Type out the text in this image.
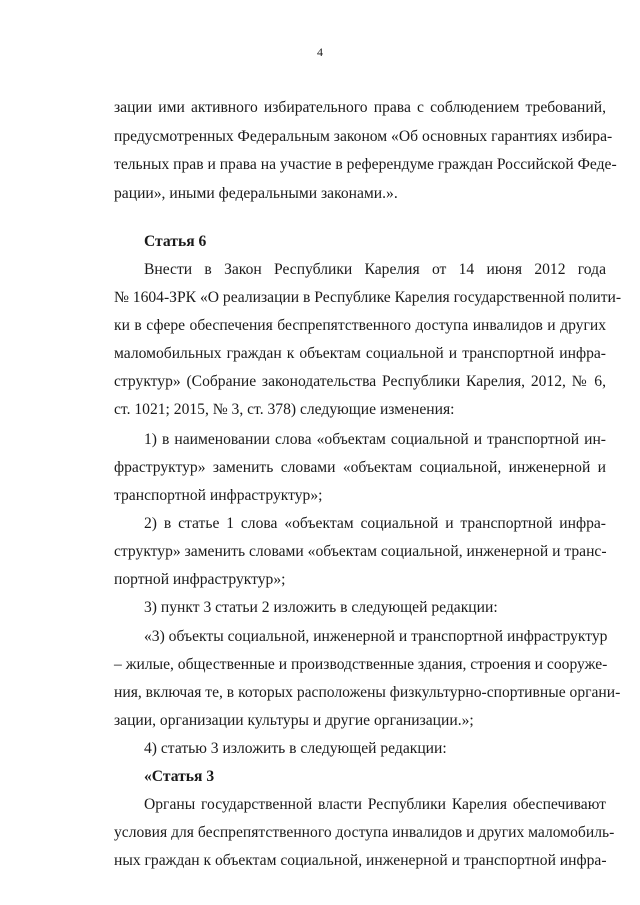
4
зации ими активного избирательного права с соблюдением требований,
предусмотренных Федеральным законом «Об основных гарантиях избира-
тельных прав и права на участие в референдуме граждан Российской Феде-
рации», иными федеральными законами.».
Статья 6
Внести в Закон Республики Карелия от 14 июня 2012 года
№ 1604-ЗРК «О реализации в Республике Карелия государственной полити-
ки в сфере обеспечения беспрепятственного доступа инвалидов и других
маломобильных граждан к объектам социальной и транспортной инфра-
структур» (Собрание законодательства Республики Карелия, 2012, № 6,
ст. 1021; 2015, № 3, ст. 378) следующие изменения:
1) в наименовании слова «объектам социальной и транспортной ин-
фраструктур» заменить словами «объектам социальной, инженерной и
транспортной инфраструктур»;
2) в статье 1 слова «объектам социальной и транспортной инфра-
структур» заменить словами «объектам социальной, инженерной и транс-
портной инфраструктур»;
3) пункт 3 статьи 2 изложить в следующей редакции:
«3) объекты социальной, инженерной и транспортной инфраструктур
– жилые, общественные и производственные здания, строения и сооруже-
ния, включая те, в которых расположены физкультурно-спортивные органи-
зации, организации культуры и другие организации.»;
4) статью 3 изложить в следующей редакции:
«Статья 3
Органы государственной власти Республики Карелия обеспечивают
условия для беспрепятственного доступа инвалидов и других маломобиль-
ных граждан к объектам социальной, инженерной и транспортной инфра-
